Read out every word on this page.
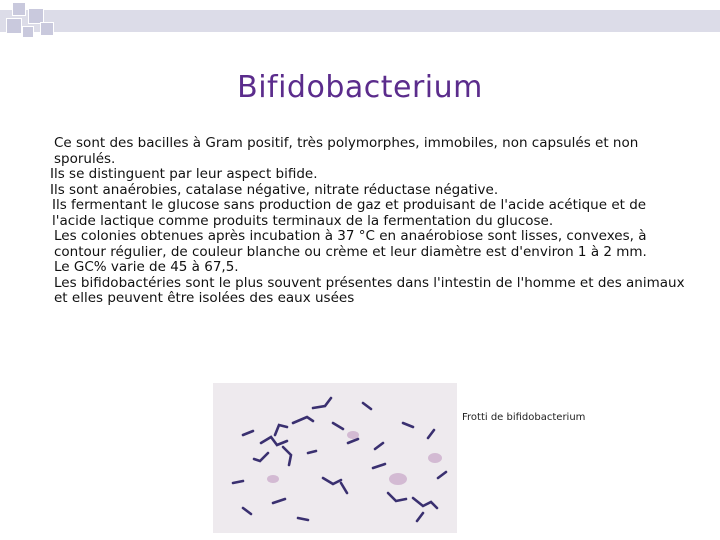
Bifidobacterium

Ce sont des bacilles à Gram positif, très polymorphes, immobiles, non capsulés et non sporulés.

Ils se distinguent par leur aspect bifide.

Ils sont anaérobies, catalase négative, nitrate réductase négative.

Ils fermentant le glucose sans production de gaz et produisant de l'acide acétique et de l'acide lactique comme produits terminaux de la fermentation du glucose.

Les colonies obtenues après incubation à 37 °C en anaérobiose sont lisses, convexes, à contour régulier, de couleur blanche ou crème et leur diamètre est d'environ 1 à 2 mm.

Le GC% varie de 45 à 67,5.

Les bifidobactéries sont le plus souvent présentes dans l'intestin de l'homme et des animaux et elles peuvent être isolées des eaux usées

Frotti de bifidobacterium
